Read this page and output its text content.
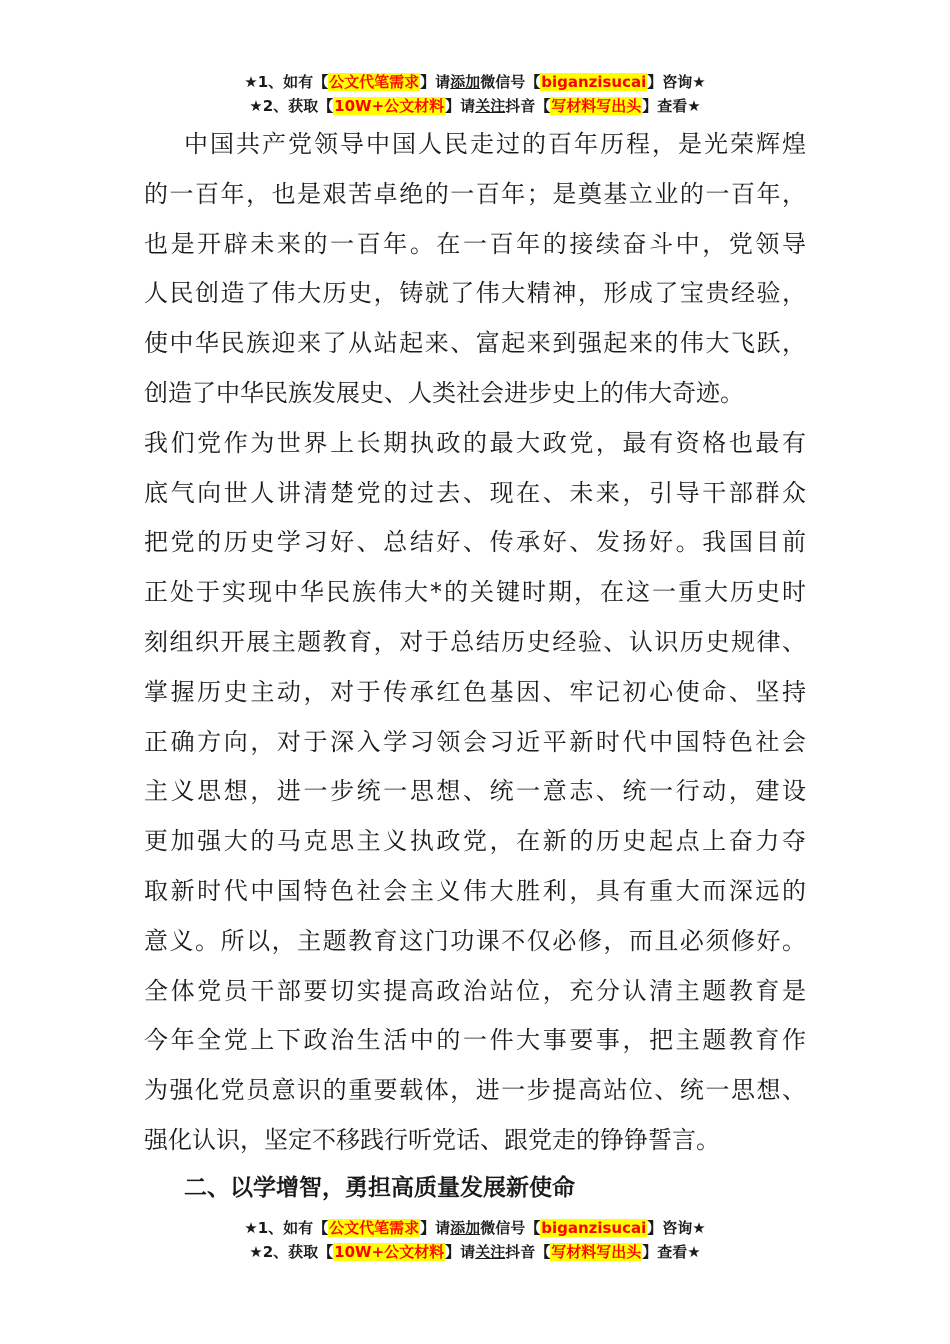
★1、如有【公文代笔需求】请添加微信号【biganzisucai】咨询★
★2、获取【10W+公文材料】请关注抖音【写材料写出头】查看★
中国共产党领导中国人民走过的百年历程，是光荣辉煌
的一百年，也是艰苦卓绝的一百年；是奠基立业的一百年，
也是开辟未来的一百年。在一百年的接续奋斗中，党领导
人民创造了伟大历史，铸就了伟大精神，形成了宝贵经验，
使中华民族迎来了从站起来、富起来到强起来的伟大飞跃，
创造了中华民族发展史、人类社会进步史上的伟大奇迹。
我们党作为世界上长期执政的最大政党，最有资格也最有
底气向世人讲清楚党的过去、现在、未来，引导干部群众
把党的历史学习好、总结好、传承好、发扬好。我国目前
正处于实现中华民族伟大*的关键时期，在这一重大历史时
刻组织开展主题教育，对于总结历史经验、认识历史规律、
掌握历史主动，对于传承红色基因、牢记初心使命、坚持
正确方向，对于深入学习领会习近平新时代中国特色社会
主义思想，进一步统一思想、统一意志、统一行动，建设
更加强大的马克思主义执政党，在新的历史起点上奋力夺
取新时代中国特色社会主义伟大胜利，具有重大而深远的
意义。所以，主题教育这门功课不仅必修，而且必须修好。
全体党员干部要切实提高政治站位，充分认清主题教育是
今年全党上下政治生活中的一件大事要事，把主题教育作
为强化党员意识的重要载体，进一步提高站位、统一思想、
强化认识，坚定不移践行听党话、跟党走的铮铮誓言。
二、以学增智，勇担高质量发展新使命
★1、如有【公文代笔需求】请添加微信号【biganzisucai】咨询★
★2、获取【10W+公文材料】请关注抖音【写材料写出头】查看★
